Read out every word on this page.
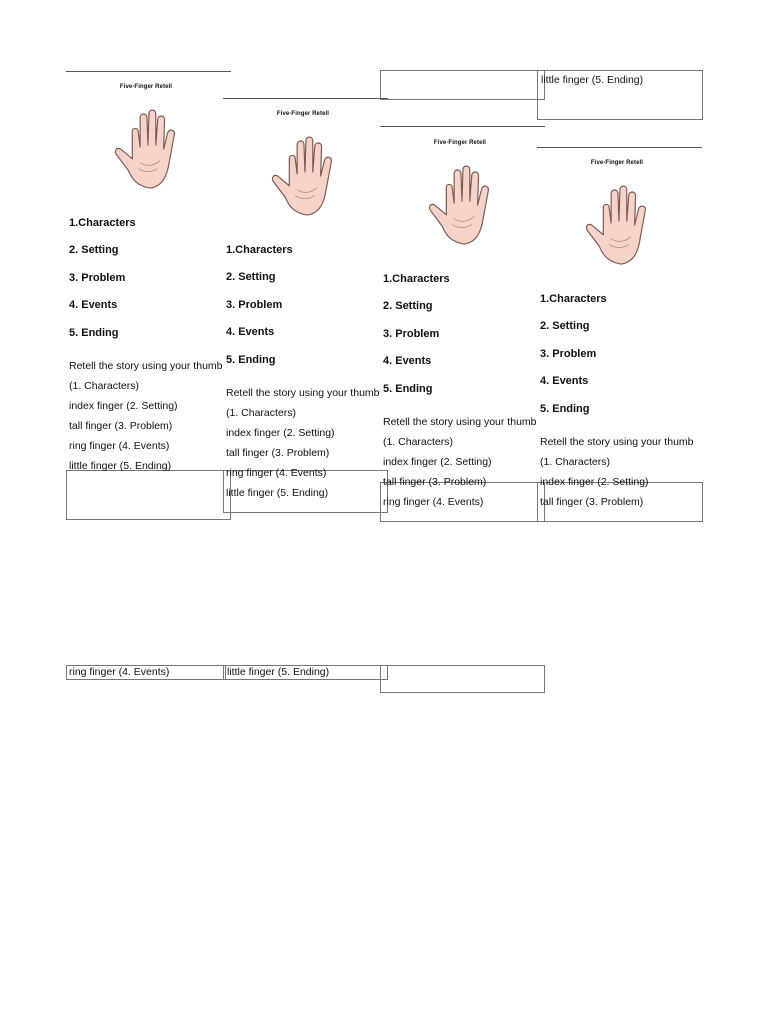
little finger (5. Ending)
ring finger (4. Events)	little finger (5. Ending)

Five-Finger Retell

1.Characters
2. Setting
3. Problem
4. Events
5. Ending
Retell the story using your thumb
(1. Characters)
index finger (2. Setting)
tall finger (3. Problem)
ring finger (4. Events)
little finger (5. Ending)

Five-Finger Retell

1.Characters
2. Setting
3. Problem
4. Events
5. Ending
Retell the story using your thumb
(1. Characters)
index finger (2. Setting)
tall finger (3. Problem)
ring finger (4. Events)
little finger (5. Ending)

Five-Finger Retell

1.Characters
2. Setting
3. Problem
4. Events
5. Ending
Retell the story using your thumb
(1. Characters)
index finger (2. Setting)
tall finger (3. Problem)
ring finger (4. Events)

Five-Finger Retell

1.Characters
2. Setting
3. Problem
4. Events
5. Ending
Retell the story using your thumb
(1. Characters)
index finger (2. Setting)
tall finger (3. Problem)
